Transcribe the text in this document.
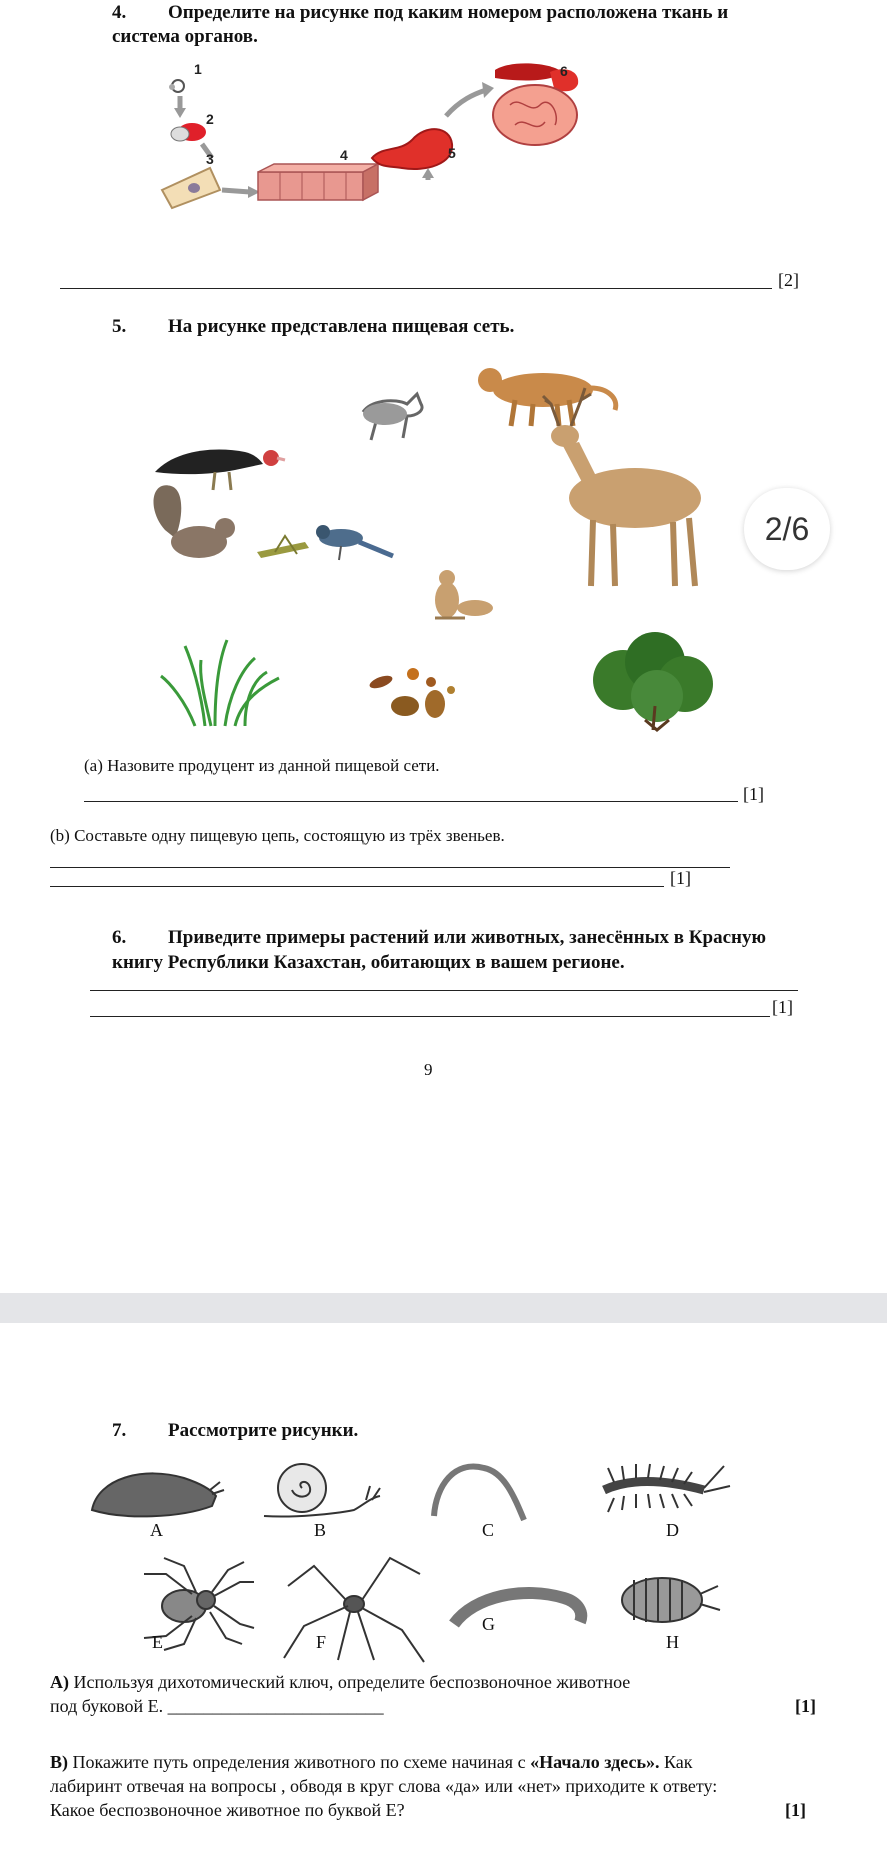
4. Определите на рисунке под каким номером расположена ткань и
система органов.
1
2
3	4	5
6
[2]
5. На рисунке представлена пищевая сеть.
2/6
(а) Назовите продуцент из данной пищевой сети.
[1]
(b) Составьте одну пищевую цепь, состоящую из трёх звеньев.
[1]
6. Приведите примеры растений или животных, занесённых в Красную
книгу Республики Казахстан, обитающих в вашем регионе.
[1]
9
7. Рассмотрите рисунки.
A	B	C	D
E	F
G
H
А) Используя дихотомический ключ, определите беспозвоночное животное
под буковой Е. ________________________	[1]
B) Покажите путь определения животного по схеме начиная с «Начало здесь». Как
лабиринт отвечая на вопросы , обводя в круг слова «да» или «нет» приходите к ответу:
Какое беспозвоночное животное по буквой Е?	[1]
